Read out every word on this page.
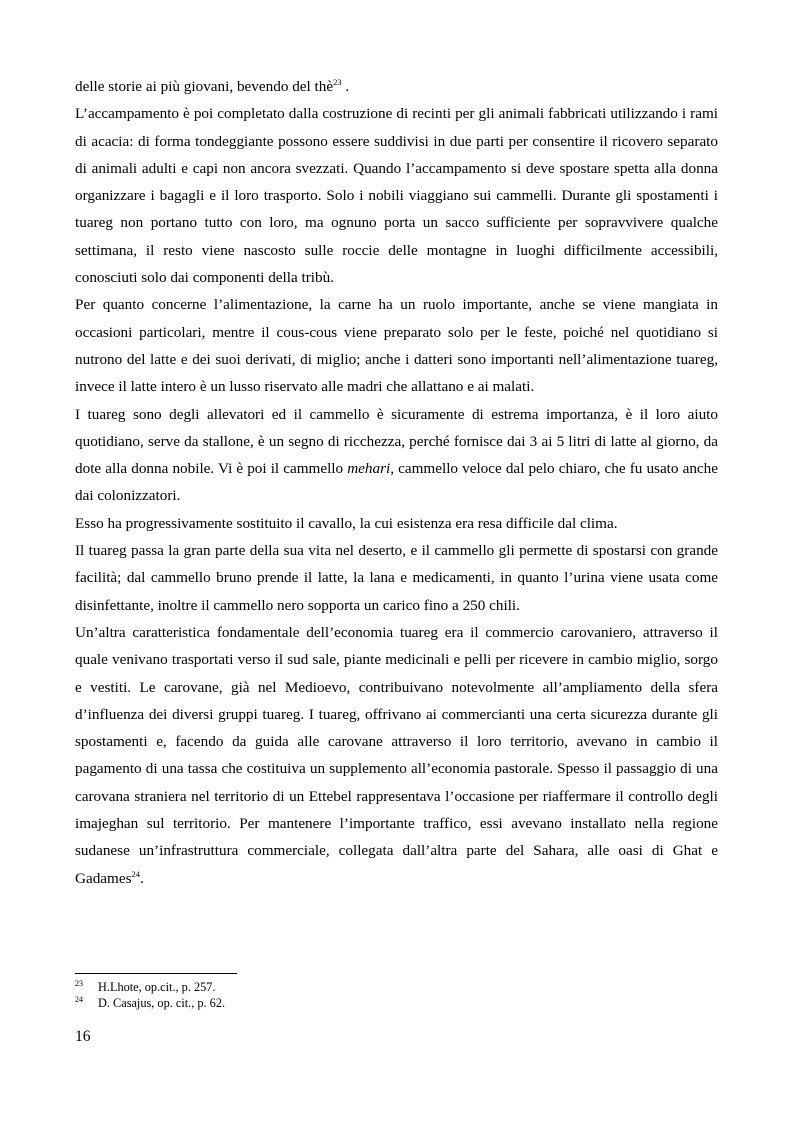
delle storie ai più giovani, bevendo del thè$^{23}$ .

L’accampamento è poi completato dalla costruzione di recinti per gli animali fabbricati utilizzando i rami di acacia: di forma tondeggiante possono essere suddivisi in due parti per consentire il ricovero separato di animali adulti e capi non ancora svezzati. Quando l’accampamento si deve spostare spetta alla donna organizzare i bagagli e il loro trasporto. Solo i nobili viaggiano sui cammelli. Durante gli spostamenti i tuareg non portano tutto con loro, ma ognuno porta un sacco sufficiente per sopravvivere qualche settimana, il resto viene nascosto sulle roccie delle montagne in luoghi difficilmente accessibili, conosciuti solo dai componenti della tribù.

Per quanto concerne l’alimentazione, la carne ha un ruolo importante, anche se viene mangiata in occasioni particolari, mentre il cous-cous viene preparato solo per le feste, poiché nel quotidiano si nutrono del latte e dei suoi derivati, di miglio; anche i datteri sono importanti nell’alimentazione tuareg, invece il latte intero è un lusso riservato alle madri che allattano e ai malati.

I tuareg sono degli allevatori ed il cammello è sicuramente di estrema importanza, è il loro aiuto quotidiano, serve da stallone, è un segno di ricchezza, perché fornisce dai 3 ai 5 litri di latte al giorno, da dote alla donna nobile. Vi è poi il cammello mehari, cammello veloce dal pelo chiaro, che fu usato anche dai colonizzatori.

Esso ha progressivamente sostituito il cavallo, la cui esistenza era resa difficile dal clima.

Il tuareg passa la gran parte della sua vita nel deserto, e il cammello gli permette di spostarsi con grande facilità; dal cammello bruno prende il latte, la lana e medicamenti, in quanto l’urina viene usata come disinfettante, inoltre il cammello nero sopporta un carico fino a 250 chili.

Un’altra caratteristica fondamentale dell’economia tuareg era il commercio carovaniero, attraverso il quale venivano trasportati verso il sud sale, piante medicinali e pelli per ricevere in cambio miglio, sorgo e vestiti. Le carovane, già nel Medioevo, contribuivano notevolmente all’ampliamento della sfera d’influenza dei diversi gruppi tuareg. I tuareg, offrivano ai commercianti una certa sicurezza durante gli spostamenti e, facendo da guida alle carovane attraverso il loro territorio, avevano in cambio il pagamento di una tassa che costituiva un supplemento all’economia pastorale. Spesso il passaggio di una carovana straniera nel territorio di un Ettebel rappresentava l’occasione per riaffermare il controllo degli imajeghan sul territorio. Per mantenere l’importante traffico, essi avevano installato nella regione sudanese un’infrastruttura commerciale, collegata dall’altra parte del Sahara, alle oasi di Ghat e Gadames$^{24}$.

23 H.Lhote, op.cit., p. 257.
24 D. Casajus, op. cit., p. 62.
16
